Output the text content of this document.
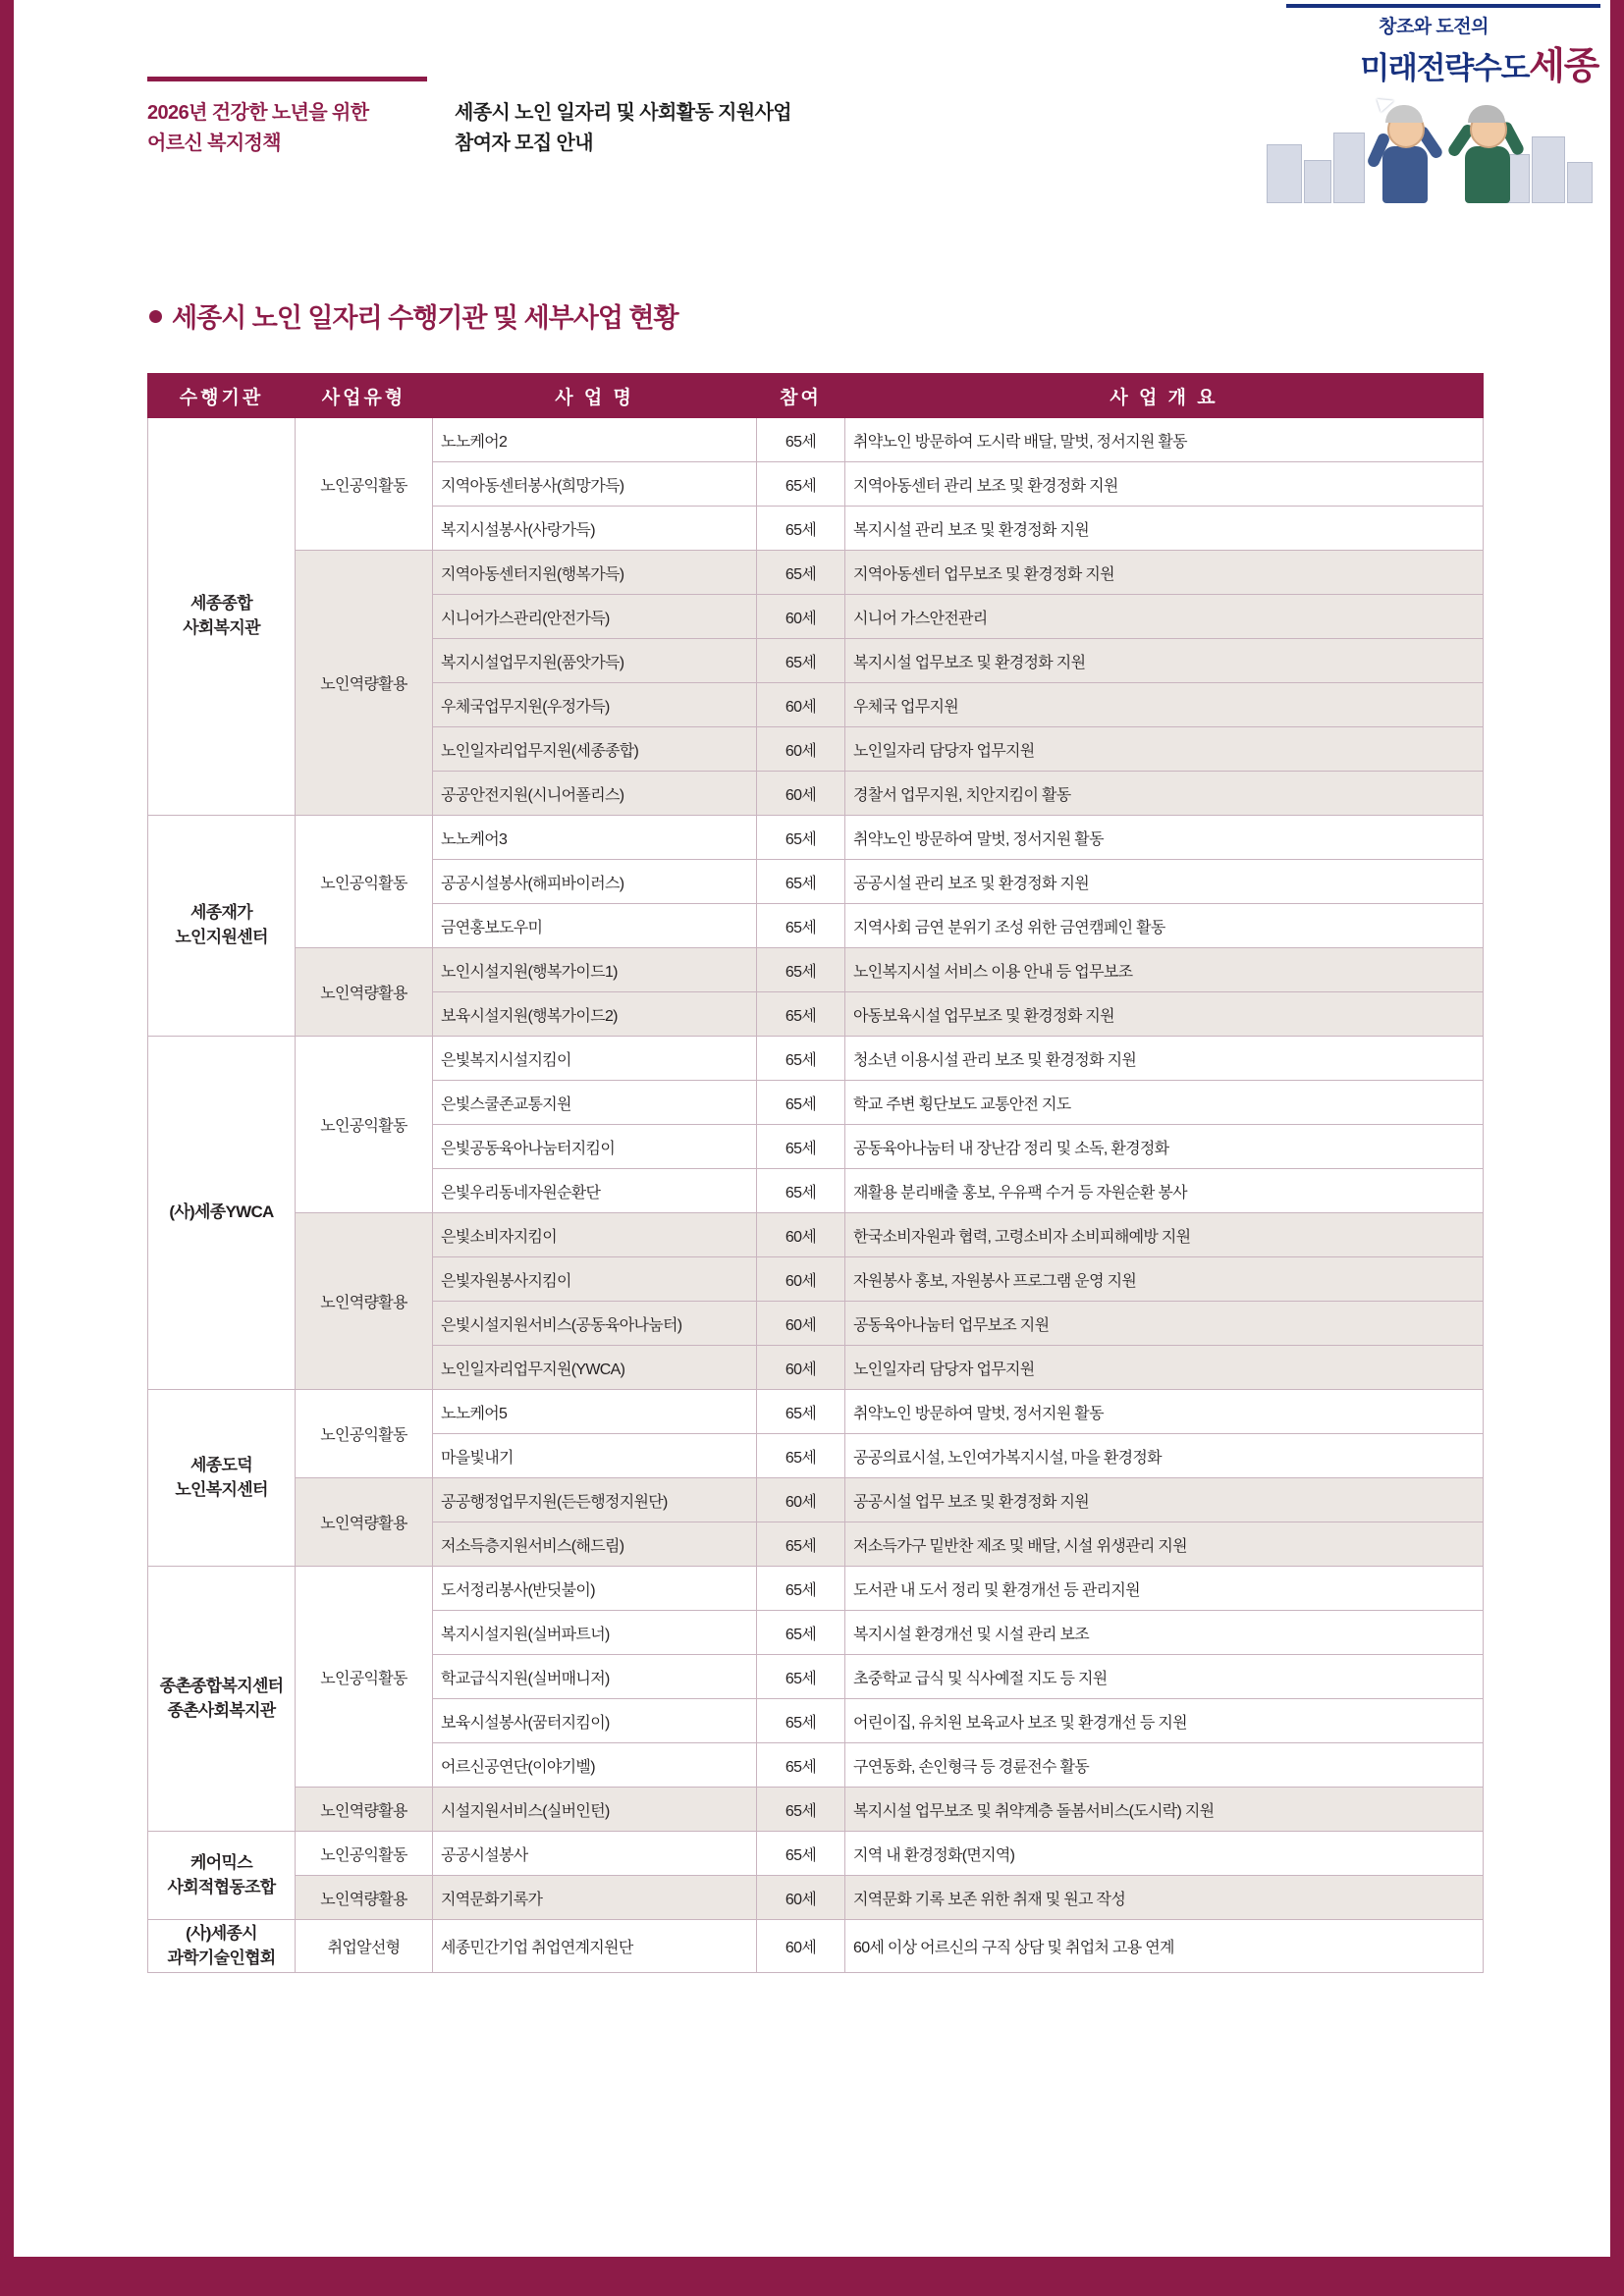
2026년 건강한 노년을 위한
어르신 복지정책
세종시 노인 일자리 및 사회활동 지원사업
참여자 모집 안내
창조와 도전의
미래전략수도세종
세종시 노인 일자리 수행기관 및 세부사업 현황
수행기관	사업유형	사 업 명	참여	사 업 개 요
세종종합
사회복지관	노인공익활동	노노케어2	65세	취약노인 방문하여 도시락 배달, 말벗, 정서지원 활동
		지역아동센터봉사(희망가득)	65세	지역아동센터 관리 보조 및 환경정화 지원
		복지시설봉사(사랑가득)	65세	복지시설 관리 보조 및 환경정화 지원
	노인역량활용	지역아동센터지원(행복가득)	65세	지역아동센터 업무보조 및 환경정화 지원
		시니어가스관리(안전가득)	60세	시니어 가스안전관리
		복지시설업무지원(품앗가득)	65세	복지시설 업무보조 및 환경정화 지원
		우체국업무지원(우정가득)	60세	우체국 업무지원
		노인일자리업무지원(세종종합)	60세	노인일자리 담당자 업무지원
		공공안전지원(시니어폴리스)	60세	경찰서 업무지원, 치안지킴이 활동
세종재가
노인지원센터	노인공익활동	노노케어3	65세	취약노인 방문하여 말벗, 정서지원 활동
		공공시설봉사(해피바이러스)	65세	공공시설 관리 보조 및 환경정화 지원
		금연홍보도우미	65세	지역사회 금연 분위기 조성 위한 금연캠페인 활동
	노인역량활용	노인시설지원(행복가이드1)	65세	노인복지시설 서비스 이용 안내 등 업무보조
		보육시설지원(행복가이드2)	65세	아동보육시설 업무보조 및 환경정화 지원
(사)세종YWCA	노인공익활동	은빛복지시설지킴이	65세	청소년 이용시설 관리 보조 및 환경정화 지원
		은빛스쿨존교통지원	65세	학교 주변 횡단보도 교통안전 지도
		은빛공동육아나눔터지킴이	65세	공동육아나눔터 내 장난감 정리 및 소독, 환경정화
		은빛우리동네자원순환단	65세	재활용 분리배출 홍보, 우유팩 수거 등 자원순환 봉사
	노인역량활용	은빛소비자지킴이	60세	한국소비자원과 협력, 고령소비자 소비피해예방 지원
		은빛자원봉사지킴이	60세	자원봉사 홍보, 자원봉사 프로그램 운영 지원
		은빛시설지원서비스(공동육아나눔터)	60세	공동육아나눔터 업무보조 지원
		노인일자리업무지원(YWCA)	60세	노인일자리 담당자 업무지원
세종도덕
노인복지센터	노인공익활동	노노케어5	65세	취약노인 방문하여 말벗, 정서지원 활동
		마을빛내기	65세	공공의료시설, 노인여가복지시설, 마을 환경정화
	노인역량활용	공공행정업무지원(든든행정지원단)	60세	공공시설 업무 보조 및 환경정화 지원
		저소득층지원서비스(해드림)	65세	저소득가구 밑반찬 제조 및 배달, 시설 위생관리 지원
종촌종합복지센터
종촌사회복지관	노인공익활동	도서정리봉사(반딧불이)	65세	도서관 내 도서 정리 및 환경개선 등 관리지원
		복지시설지원(실버파트너)	65세	복지시설 환경개선 및 시설 관리 보조
		학교급식지원(실버매니저)	65세	초중학교 급식 및 식사예절 지도 등 지원
		보육시설봉사(꿈터지킴이)	65세	어린이집, 유치원 보육교사 보조 및 환경개선 등 지원
		어르신공연단(이야기벨)	65세	구연동화, 손인형극 등 경륜전수 활동
	노인역량활용	시설지원서비스(실버인턴)	65세	복지시설 업무보조 및 취약계층 돌봄서비스(도시락) 지원
케어믹스
사회적협동조합	노인공익활동	공공시설봉사	65세	지역 내 환경정화(면지역)
	노인역량활용	지역문화기록가	60세	지역문화 기록 보존 위한 취재 및 원고 작성
(사)세종시
과학기술인협회	취업알선형	세종민간기업 취업연계지원단	60세	60세 이상 어르신의 구직 상담 및 취업처 고용 연계
